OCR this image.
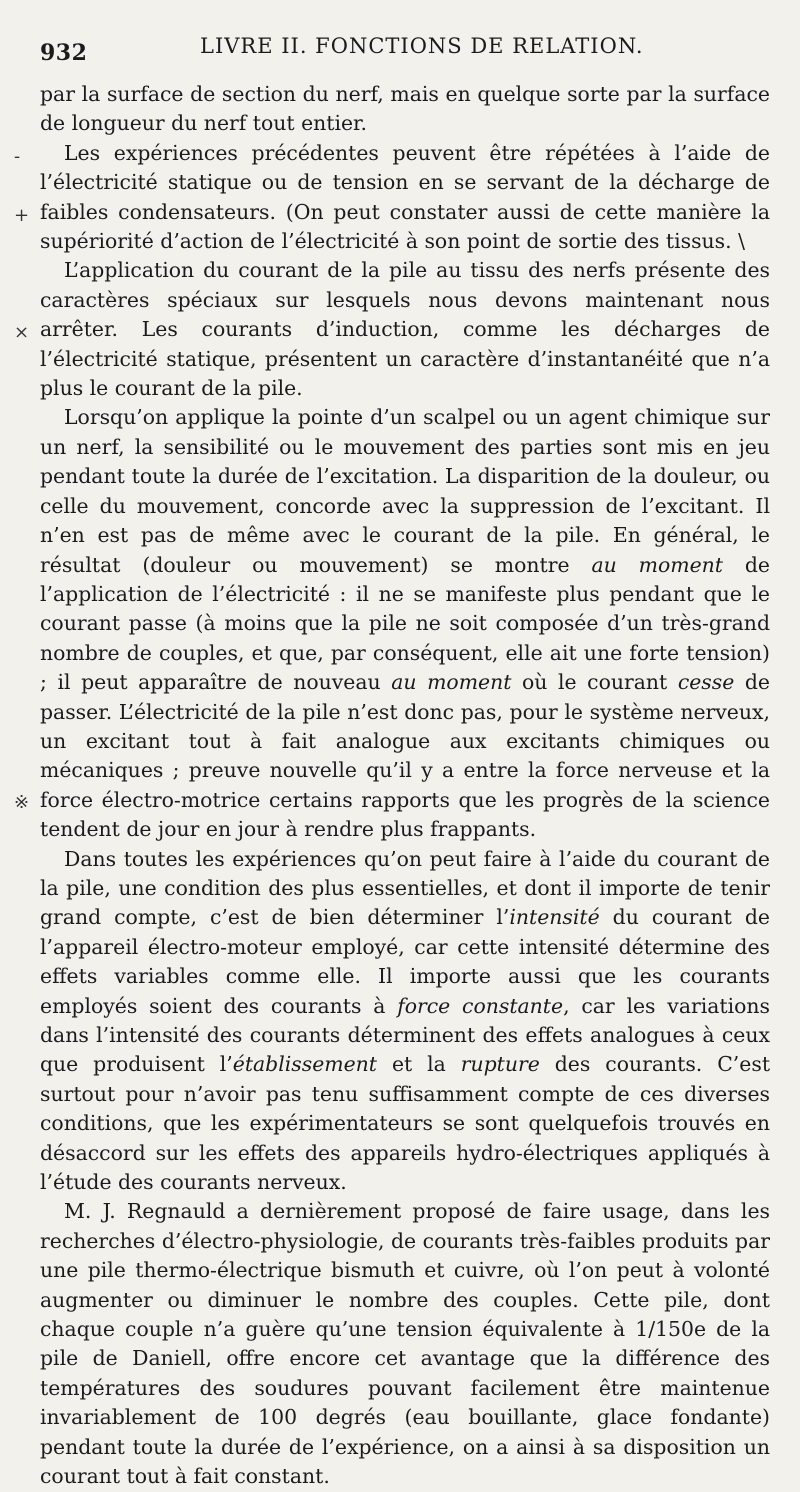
932	LIVRE II. FONCTIONS DE RELATION.
-
+
×
※

par la surface de section du nerf, mais en quelque sorte par la surface de longueur du nerf tout entier.

Les expériences précédentes peuvent être répétées à l’aide de l’électricité statique ou de tension en se servant de la décharge de faibles condensateurs. (On peut constater aussi de cette manière la supériorité d’action de l’électricité à son point de sortie des tissus. \

L’application du courant de la pile au tissu des nerfs présente des caractères spéciaux sur lesquels nous devons maintenant nous arrêter. Les courants d’induction, comme les décharges de l’électricité statique, présentent un caractère d’instantanéité que n’a plus le courant de la pile.

Lorsqu’on applique la pointe d’un scalpel ou un agent chimique sur un nerf, la sensibilité ou le mouvement des parties sont mis en jeu pendant toute la durée de l’excitation. La disparition de la douleur, ou celle du mouvement, concorde avec la suppression de l’excitant. Il n’en est pas de même avec le courant de la pile. En général, le résultat (douleur ou mouvement) se montre au moment de l’application de l’électricité : il ne se manifeste plus pendant que le courant passe (à moins que la pile ne soit composée d’un très-grand nombre de couples, et que, par conséquent, elle ait une forte tension) ; il peut apparaître de nouveau au moment où le courant cesse de passer. L’électricité de la pile n’est donc pas, pour le système nerveux, un excitant tout à fait analogue aux excitants chimiques ou mécaniques ; preuve nouvelle qu’il y a entre la force nerveuse et la force électro-motrice certains rapports que les progrès de la science tendent de jour en jour à rendre plus frappants.

Dans toutes les expériences qu’on peut faire à l’aide du courant de la pile, une condition des plus essentielles, et dont il importe de tenir grand compte, c’est de bien déterminer l’intensité du courant de l’appareil électro-moteur employé, car cette intensité détermine des effets variables comme elle. Il importe aussi que les courants employés soient des courants à force constante, car les variations dans l’intensité des courants déterminent des effets analogues à ceux que produisent l’établissement et la rupture des courants. C’est surtout pour n’avoir pas tenu suffisamment compte de ces diverses conditions, que les expérimentateurs se sont quelquefois trouvés en désaccord sur les effets des appareils hydro-électriques appliqués à l’étude des courants nerveux.

M. J. Regnauld a dernièrement proposé de faire usage, dans les recherches d’électro-physiologie, de courants très-faibles produits par une pile thermo-électrique bismuth et cuivre, où l’on peut à volonté augmenter ou diminuer le nombre des couples. Cette pile, dont chaque couple n’a guère qu’une tension équivalente à 1/150e de la pile de Daniell, offre encore cet avantage que la différence des températures des soudures pouvant facilement être maintenue invariablement de 100 degrés (eau bouillante, glace fondante) pendant toute la durée de l’expérience, on a ainsi à sa disposition un courant tout à fait constant.
